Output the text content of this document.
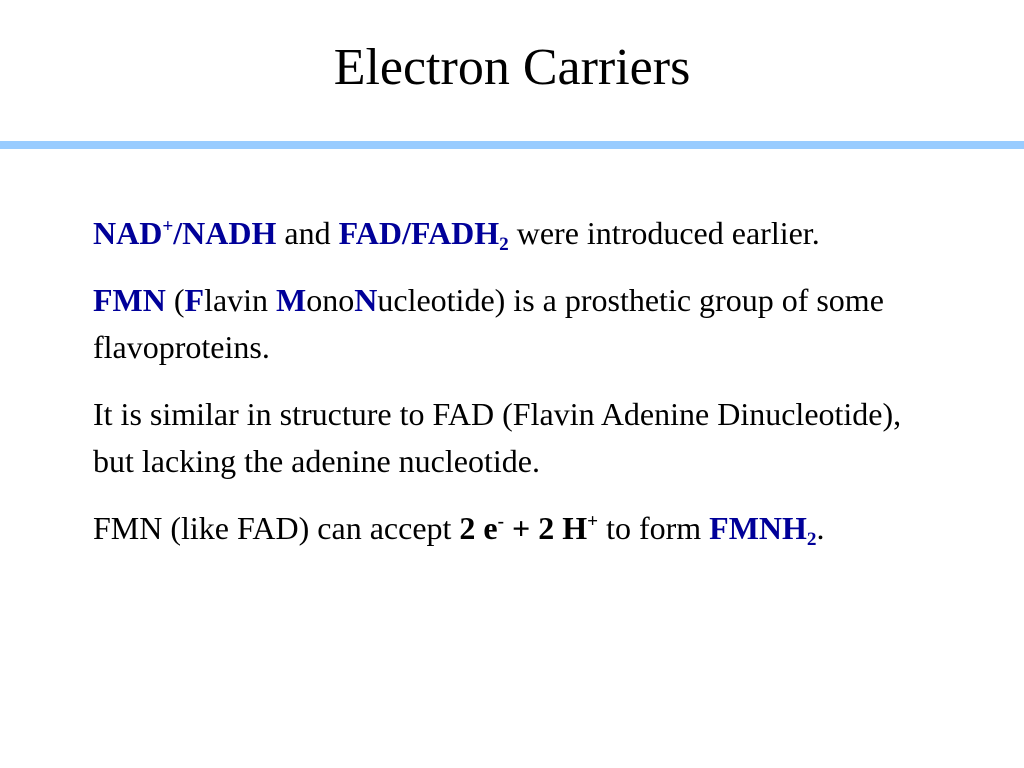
Electron Carriers

NAD+/NADH and FAD/$FADH_2$ were introduced earlier.

FMN (Flavin MonoNucleotide) is a prosthetic group of some flavoproteins.

It is similar in structure to FAD (Flavin Adenine Dinucleotide), but lacking the adenine nucleotide.

FMN (like FAD) can accept 2 e- + 2 H+ to form $FMNH_2$.
